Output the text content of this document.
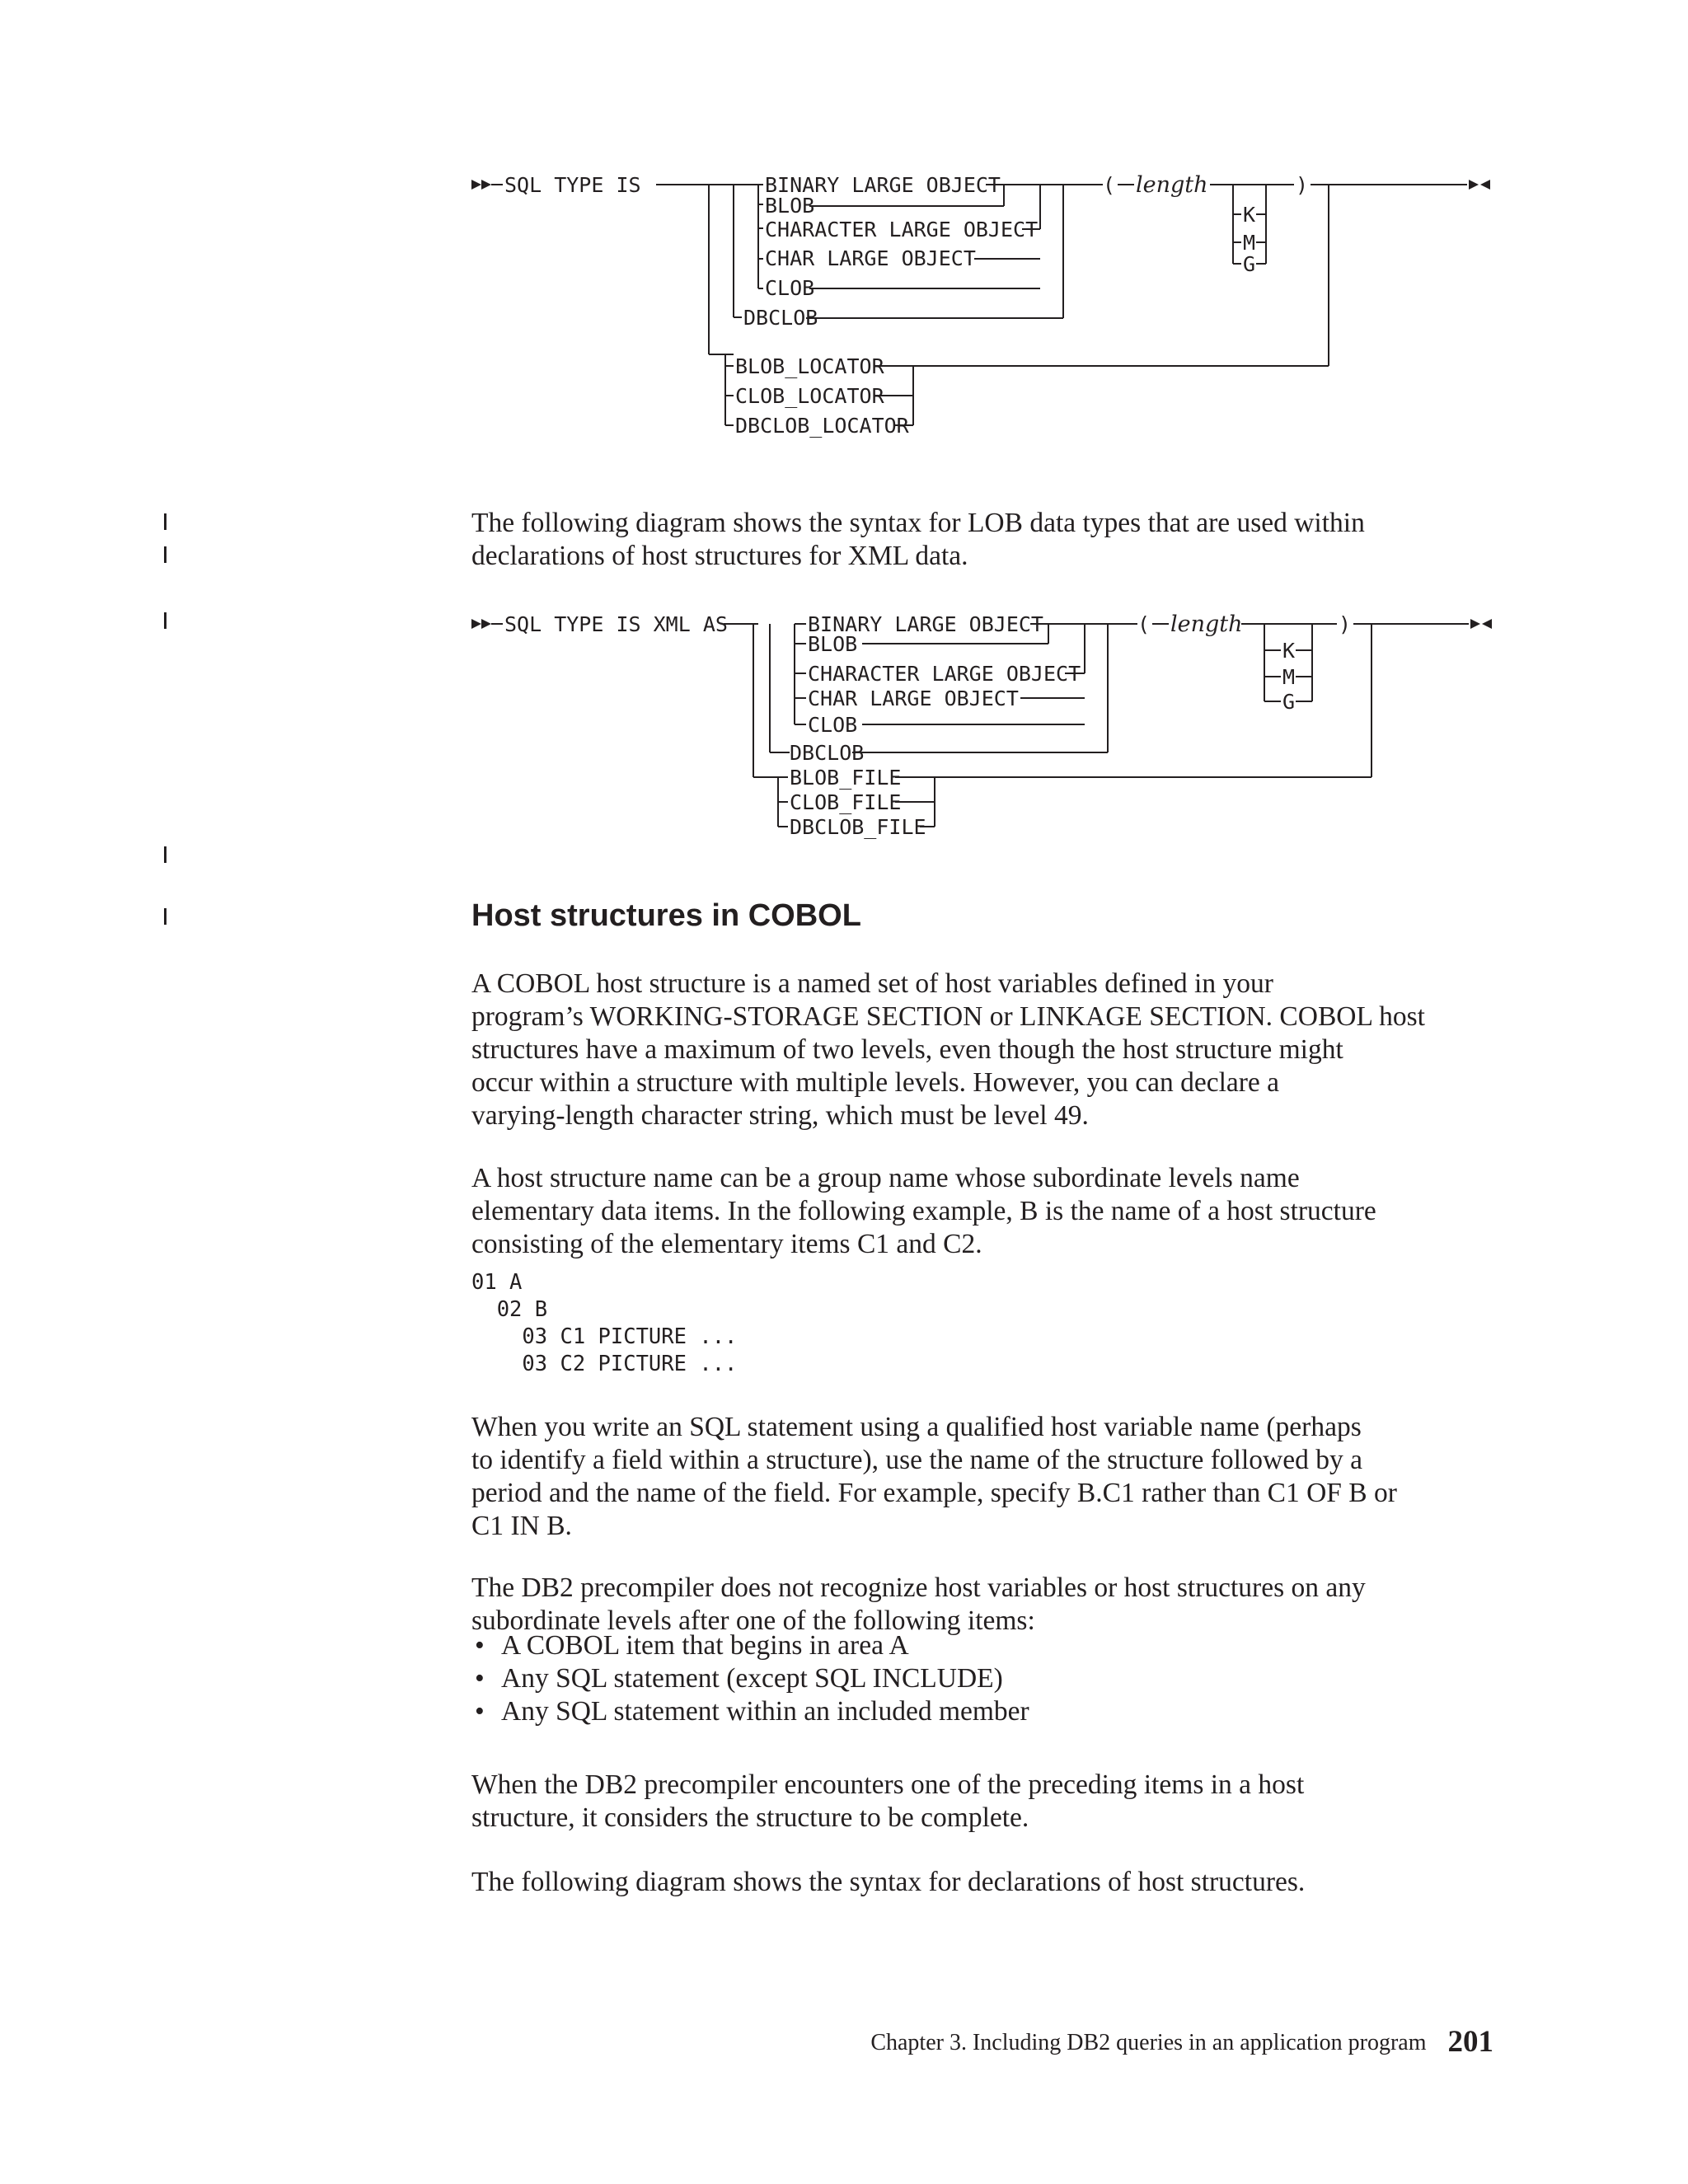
SQL TYPE IS	BINARY LARGE OBJECT
BLOB
CHARACTER LARGE OBJECT
CHAR LARGE OBJECT
CLOB
DBCLOB
( length
K
M
G
)
BLOB_LOCATOR
CLOB_LOCATOR
DBCLOB_LOCATOR

The following diagram shows the syntax for LOB data types that are used within
declarations of host structures for XML data.

SQL TYPE IS XML AS	BINARY LARGE OBJECT
BLOB
CHARACTER LARGE OBJECT
CHAR LARGE OBJECT
CLOB
DBCLOB
( length
K
M
G
)
BLOB_FILE
CLOB_FILE
DBCLOB_FILE
Host structures in COBOL

A COBOL host structure is a named set of host variables defined in your
program’s WORKING-STORAGE SECTION or LINKAGE SECTION. COBOL host
structures have a maximum of two levels, even though the host structure might
occur within a structure with multiple levels. However, you can declare a
varying-length character string, which must be level 49.

A host structure name can be a group name whose subordinate levels name
elementary data items. In the following example, B is the name of a host structure
consisting of the elementary items C1 and C2.

01 A
02 B
03 C1 PICTURE ...
03 C2 PICTURE ...

When you write an SQL statement using a qualified host variable name (perhaps
to identify a field within a structure), use the name of the structure followed by a
period and the name of the field. For example, specify B.C1 rather than C1 OF B or
C1 IN B.

The DB2 precompiler does not recognize host variables or host structures on any
subordinate levels after one of the following items:

• A COBOL item that begins in area A
• Any SQL statement (except SQL INCLUDE)
• Any SQL statement within an included member

When the DB2 precompiler encounters one of the preceding items in a host
structure, it considers the structure to be complete.

The following diagram shows the syntax for declarations of host structures.

Chapter 3. Including DB2 queries in an application program 201
